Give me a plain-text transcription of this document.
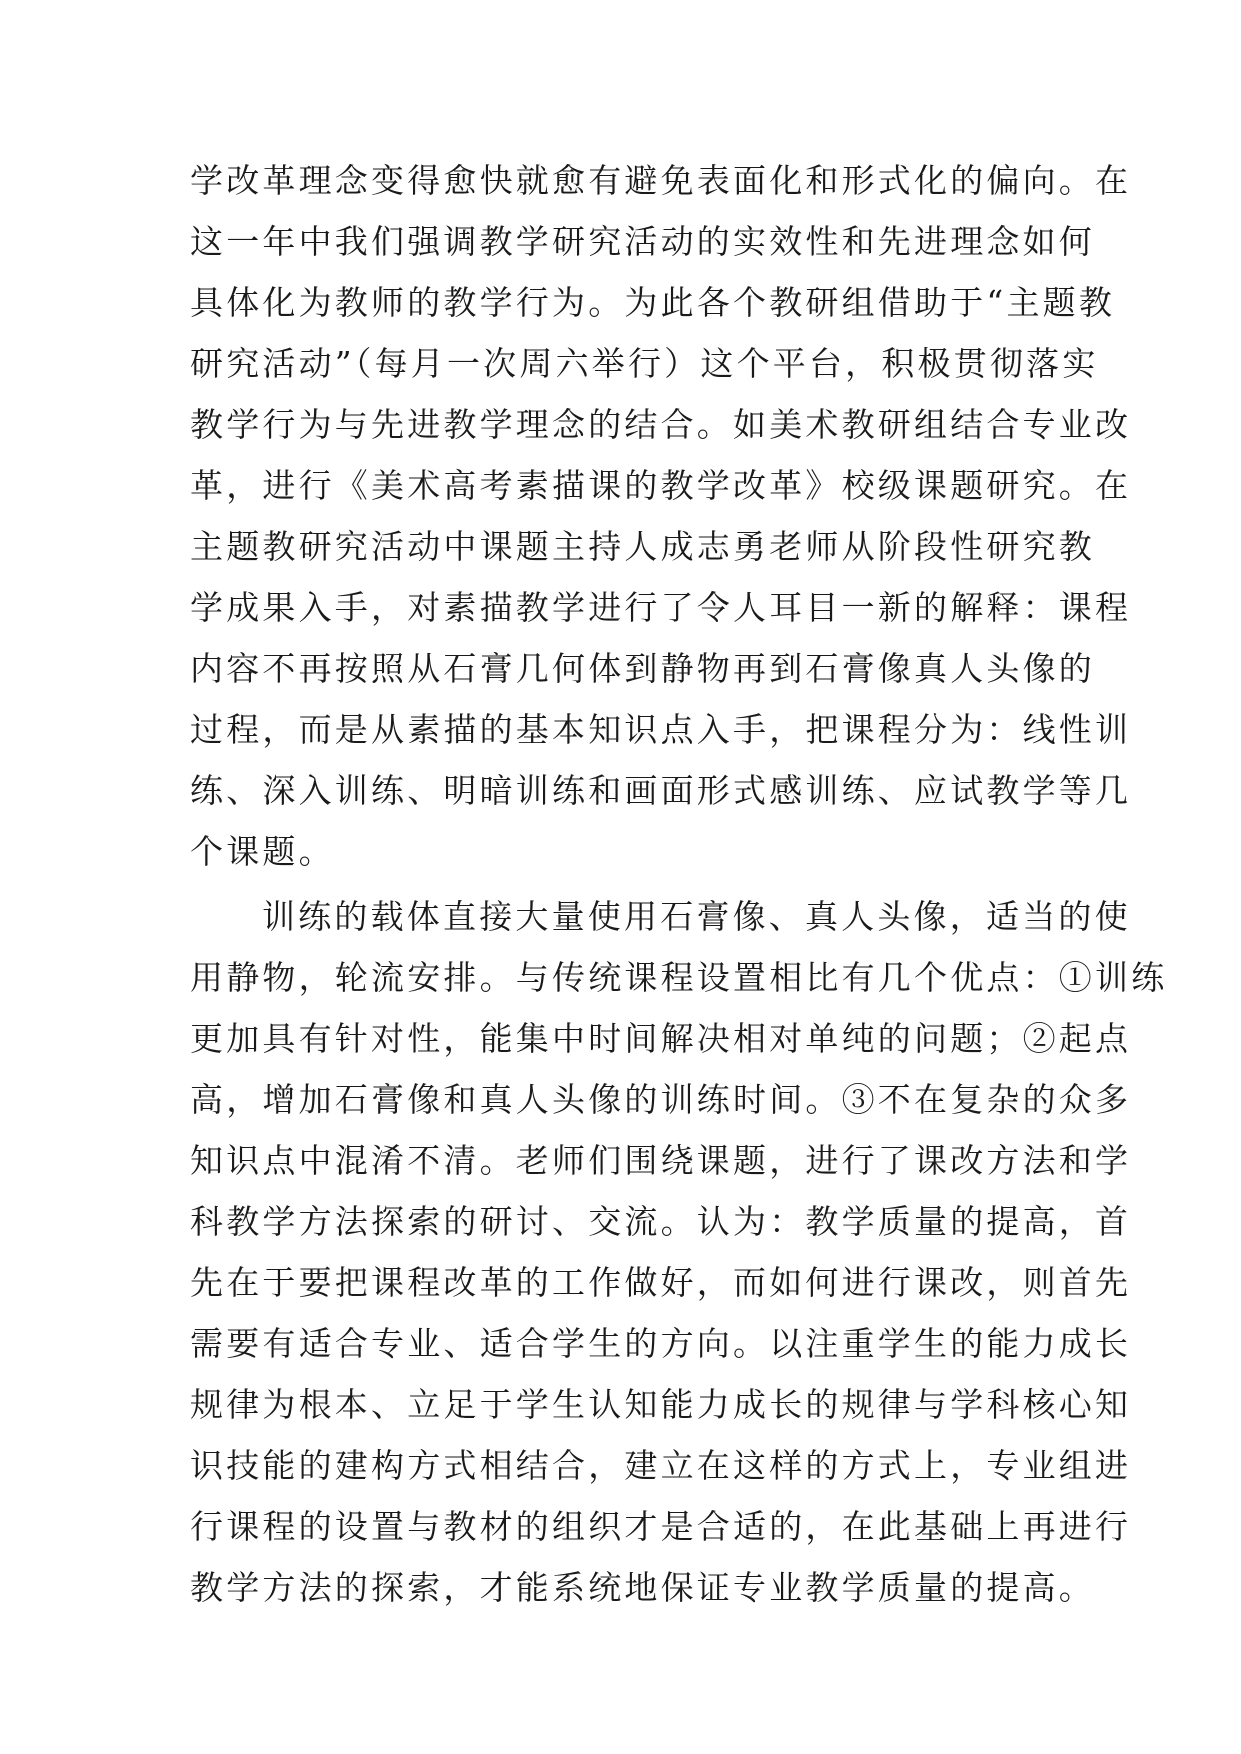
学改革理念变得愈快就愈有避免表面化和形式化的偏向。在
这一年中我们强调教学研究活动的实效性和先进理念如何
具体化为教师的教学行为。为此各个教研组借助于“主题教
研究活动”（每月一次周六举行）这个平台，积极贯彻落实
教学行为与先进教学理念的结合。如美术教研组结合专业改
革，进行《美术高考素描课的教学改革》校级课题研究。在
主题教研究活动中课题主持人成志勇老师从阶段性研究教
学成果入手，对素描教学进行了令人耳目一新的解释：课程
内容不再按照从石膏几何体到静物再到石膏像真人头像的
过程，而是从素描的基本知识点入手，把课程分为：线性训
练、深入训练、明暗训练和画面形式感训练、应试教学等几
个课题。
训练的载体直接大量使用石膏像、真人头像，适当的使
用静物，轮流安排。与传统课程设置相比有几个优点：①训练
更加具有针对性，能集中时间解决相对单纯的问题；②起点
高，增加石膏像和真人头像的训练时间。③不在复杂的众多
知识点中混淆不清。老师们围绕课题，进行了课改方法和学
科教学方法探索的研讨、交流。认为：教学质量的提高，首
先在于要把课程改革的工作做好，而如何进行课改，则首先
需要有适合专业、适合学生的方向。以注重学生的能力成长
规律为根本、立足于学生认知能力成长的规律与学科核心知
识技能的建构方式相结合，建立在这样的方式上，专业组进
行课程的设置与教材的组织才是合适的，在此基础上再进行
教学方法的探索，才能系统地保证专业教学质量的提高。
